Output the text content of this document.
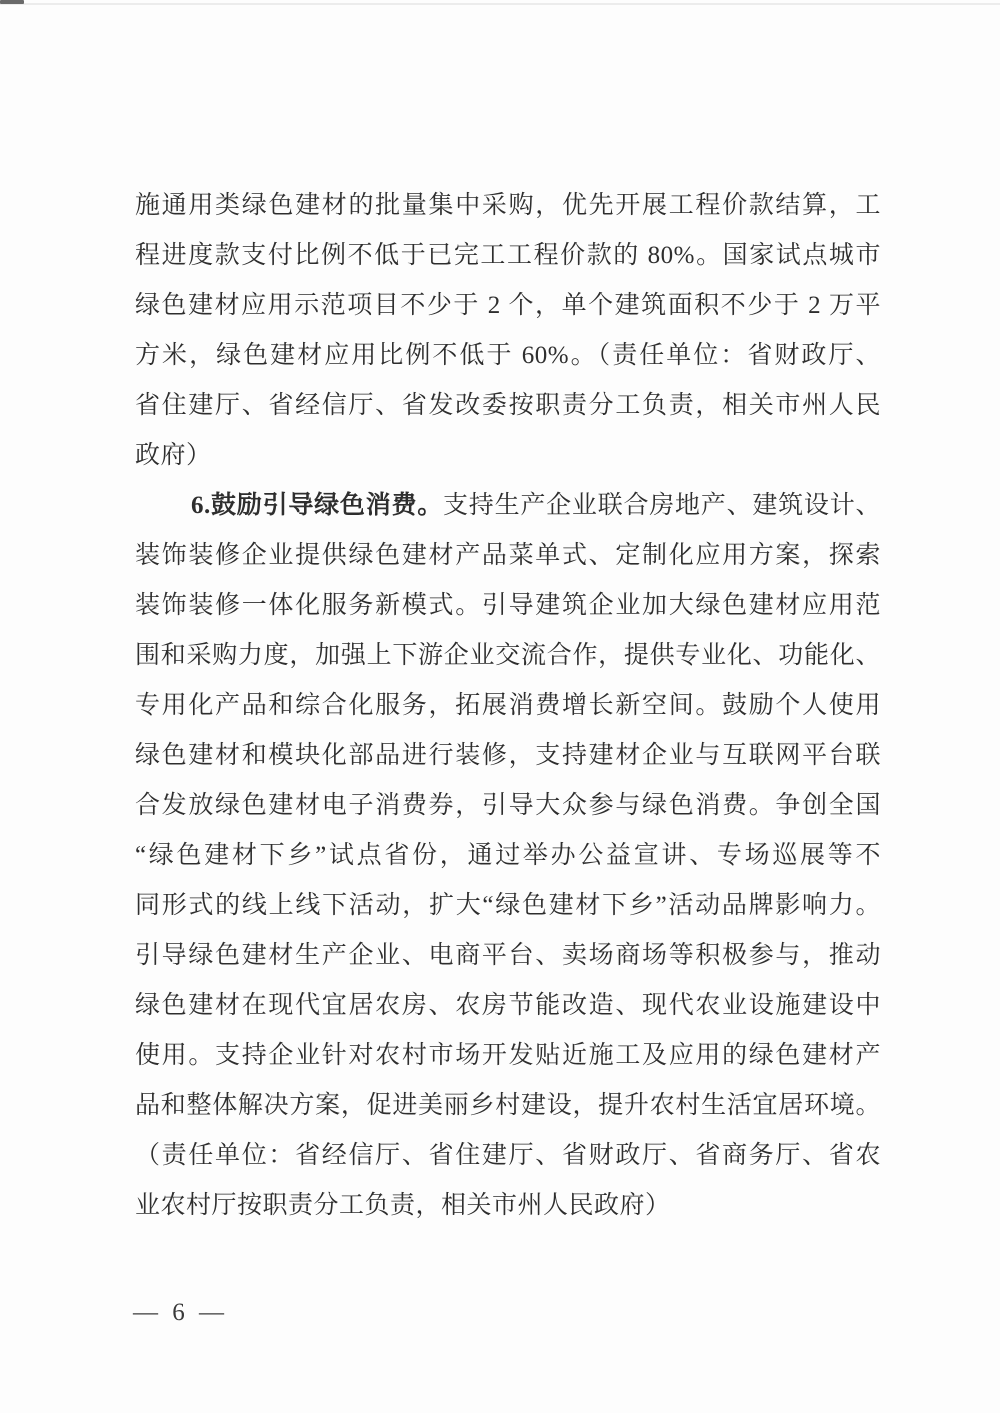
施通用类绿色建材的批量集中采购，优先开展工程价款结算，工
程进度款支付比例不低于已完工工程价款的 80%。国家试点城市
绿色建材应用示范项目不少于 2 个，单个建筑面积不少于 2 万平
方米，绿色建材应用比例不低于 60%。（责任单位：省财政厅、
省住建厅、省经信厅、省发改委按职责分工负责，相关市州人民
政府）
6.鼓励引导绿色消费。支持生产企业联合房地产、建筑设计、
装饰装修企业提供绿色建材产品菜单式、定制化应用方案，探索
装饰装修一体化服务新模式。引导建筑企业加大绿色建材应用范
围和采购力度，加强上下游企业交流合作，提供专业化、功能化、
专用化产品和综合化服务，拓展消费增长新空间。鼓励个人使用
绿色建材和模块化部品进行装修，支持建材企业与互联网平台联
合发放绿色建材电子消费券，引导大众参与绿色消费。争创全国
“绿色建材下乡”试点省份，通过举办公益宣讲、专场巡展等不
同形式的线上线下活动，扩大“绿色建材下乡”活动品牌影响力。
引导绿色建材生产企业、电商平台、卖场商场等积极参与，推动
绿色建材在现代宜居农房、农房节能改造、现代农业设施建设中
使用。支持企业针对农村市场开发贴近施工及应用的绿色建材产
品和整体解决方案，促进美丽乡村建设，提升农村生活宜居环境。
（责任单位：省经信厅、省住建厅、省财政厅、省商务厅、省农
业农村厅按职责分工负责，相关市州人民政府）
— 6 —
